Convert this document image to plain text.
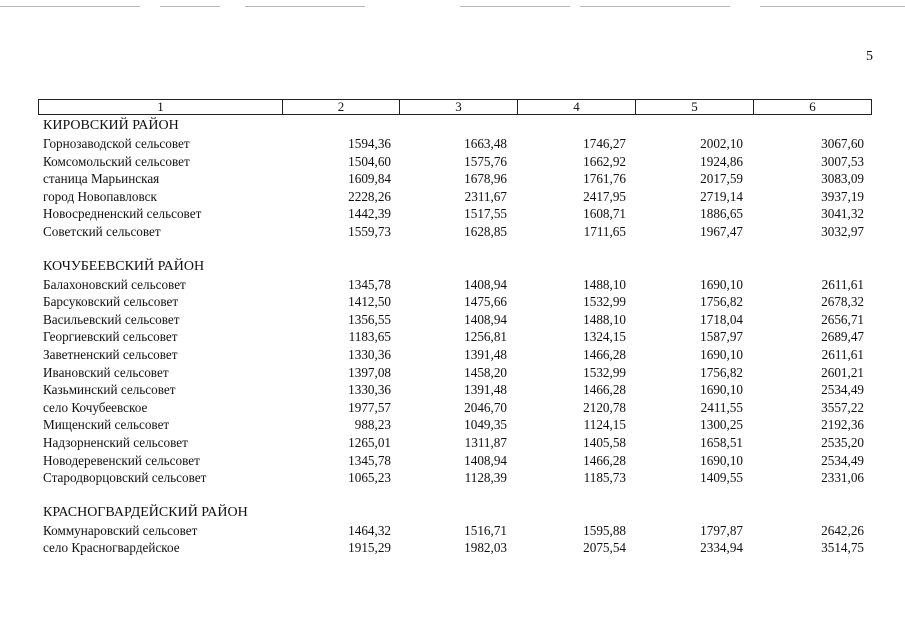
5
1	2	3	4	5	6
КИРОВСКИЙ РАЙОН
Горнозаводской сельсовет	1594,36	1663,48	1746,27	2002,10	3067,60
Комсомольский сельсовет	1504,60	1575,76	1662,92	1924,86	3007,53
станица Марьинская	1609,84	1678,96	1761,76	2017,59	3083,09
город Новопавловск	2228,26	2311,67	2417,95	2719,14	3937,19
Новосредненский сельсовет	1442,39	1517,55	1608,71	1886,65	3041,32
Советский сельсовет	1559,73	1628,85	1711,65	1967,47	3032,97
КОЧУБЕЕВСКИЙ РАЙОН
Балахоновский сельсовет	1345,78	1408,94	1488,10	1690,10	2611,61
Барсуковский сельсовет	1412,50	1475,66	1532,99	1756,82	2678,32
Васильевский сельсовет	1356,55	1408,94	1488,10	1718,04	2656,71
Георгиевский сельсовет	1183,65	1256,81	1324,15	1587,97	2689,47
Заветненский сельсовет	1330,36	1391,48	1466,28	1690,10	2611,61
Ивановский сельсовет	1397,08	1458,20	1532,99	1756,82	2601,21
Казьминский сельсовет	1330,36	1391,48	1466,28	1690,10	2534,49
село Кочубеевское	1977,57	2046,70	2120,78	2411,55	3557,22
Мищенский сельсовет	988,23	1049,35	1124,15	1300,25	2192,36
Надзорненский сельсовет	1265,01	1311,87	1405,58	1658,51	2535,20
Новодеревенский сельсовет	1345,78	1408,94	1466,28	1690,10	2534,49
Стародворцовский сельсовет	1065,23	1128,39	1185,73	1409,55	2331,06
КРАСНОГВАРДЕЙСКИЙ РАЙОН
Коммунаровский сельсовет	1464,32	1516,71	1595,88	1797,87	2642,26
село Красногвардейское	1915,29	1982,03	2075,54	2334,94	3514,75
